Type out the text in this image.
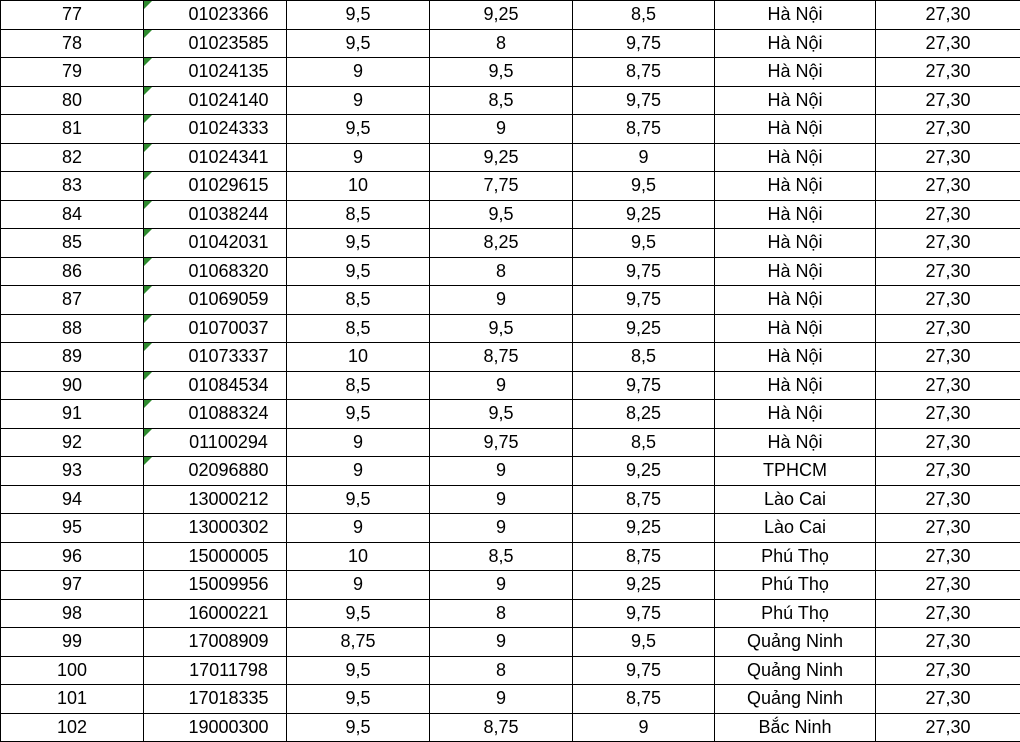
77	01023366	9,5	9,25	8,5	Hà Nội	27,30
78	01023585	9,5	8	9,75	Hà Nội	27,30
79	01024135	9	9,5	8,75	Hà Nội	27,30
80	01024140	9	8,5	9,75	Hà Nội	27,30
81	01024333	9,5	9	8,75	Hà Nội	27,30
82	01024341	9	9,25	9	Hà Nội	27,30
83	01029615	10	7,75	9,5	Hà Nội	27,30
84	01038244	8,5	9,5	9,25	Hà Nội	27,30
85	01042031	9,5	8,25	9,5	Hà Nội	27,30
86	01068320	9,5	8	9,75	Hà Nội	27,30
87	01069059	8,5	9	9,75	Hà Nội	27,30
88	01070037	8,5	9,5	9,25	Hà Nội	27,30
89	01073337	10	8,75	8,5	Hà Nội	27,30
90	01084534	8,5	9	9,75	Hà Nội	27,30
91	01088324	9,5	9,5	8,25	Hà Nội	27,30
92	01100294	9	9,75	8,5	Hà Nội	27,30
93	02096880	9	9	9,25	TPHCM	27,30
94	13000212	9,5	9	8,75	Lào Cai	27,30
95	13000302	9	9	9,25	Lào Cai	27,30
96	15000005	10	8,5	8,75	Phú Thọ	27,30
97	15009956	9	9	9,25	Phú Thọ	27,30
98	16000221	9,5	8	9,75	Phú Thọ	27,30
99	17008909	8,75	9	9,5	Quảng Ninh	27,30
100	17011798	9,5	8	9,75	Quảng Ninh	27,30
101	17018335	9,5	9	8,75	Quảng Ninh	27,30
102	19000300	9,5	8,75	9	Bắc Ninh	27,30
